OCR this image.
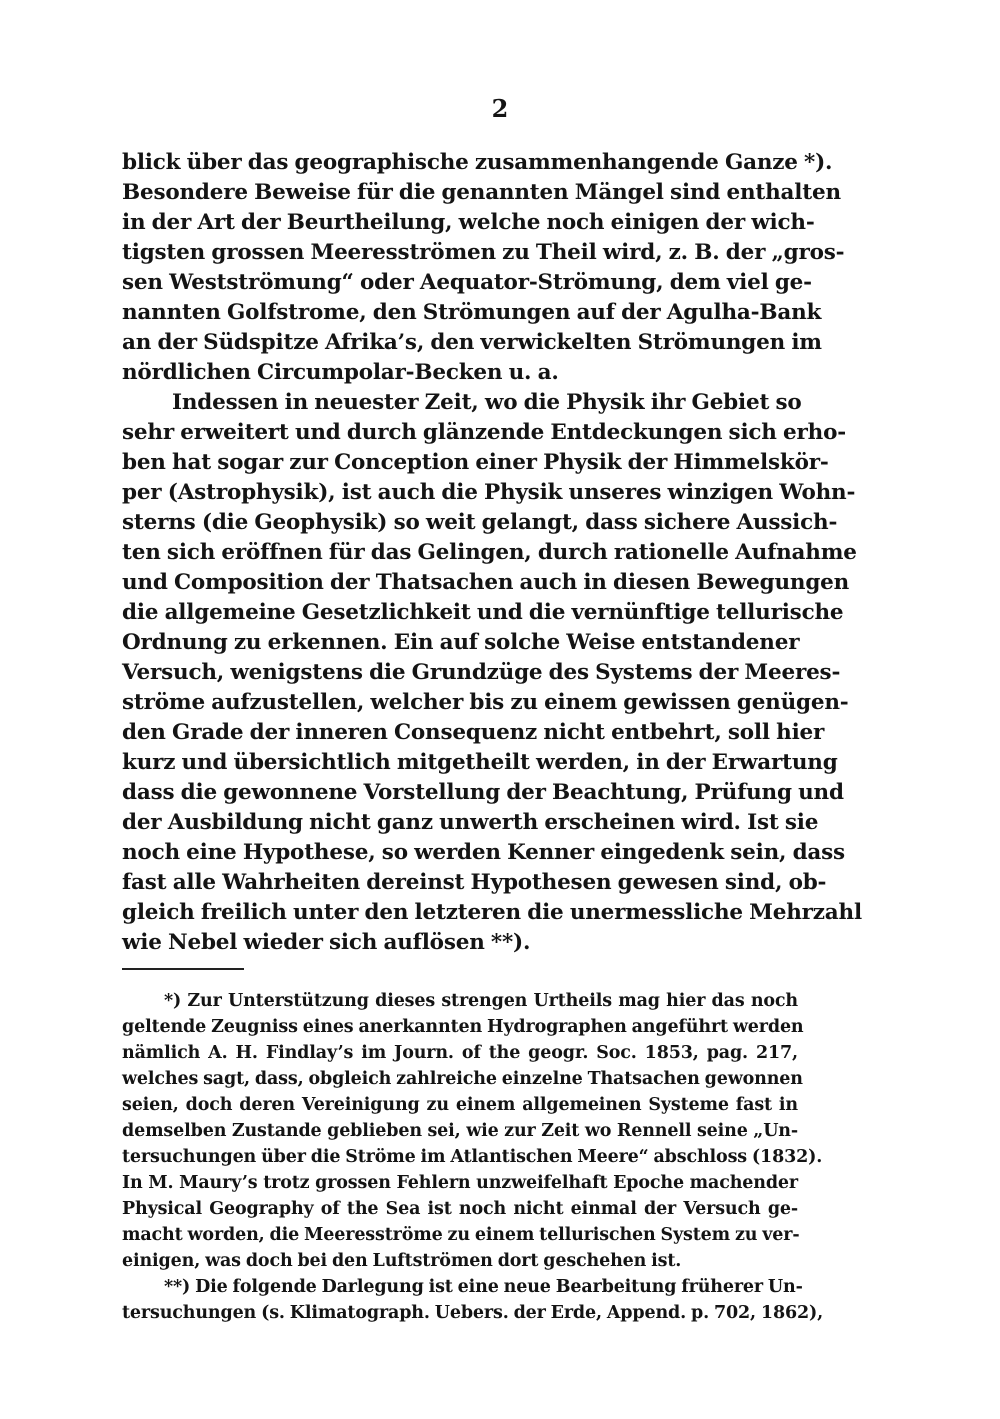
2
blick über das geographische zusammenhangende Ganze *).
Besondere Beweise für die genannten Mängel sind enthalten
in der Art der Beurtheilung, welche noch einigen der wich-
tigsten grossen Meeresströmen zu Theil wird, z. B. der „gros-
sen Westströmung“ oder Aequator-Strömung, dem viel ge-
nannten Golfstrome, den Strömungen auf der Agulha-Bank
an der Südspitze Afrika’s, den verwickelten Strömungen im
nördlichen Circumpolar-Becken u. a.
Indessen in neuester Zeit, wo die Physik ihr Gebiet so
sehr erweitert und durch glänzende Entdeckungen sich erho-
ben hat sogar zur Conception einer Physik der Himmelskör-
per (Astrophysik), ist auch die Physik unseres winzigen Wohn-
sterns (die Geophysik) so weit gelangt, dass sichere Aussich-
ten sich eröffnen für das Gelingen, durch rationelle Aufnahme
und Composition der Thatsachen auch in diesen Bewegungen
die allgemeine Gesetzlichkeit und die vernünftige tellurische
Ordnung zu erkennen. Ein auf solche Weise entstandener
Versuch, wenigstens die Grundzüge des Systems der Meeres-
ströme aufzustellen, welcher bis zu einem gewissen genügen-
den Grade der inneren Consequenz nicht entbehrt, soll hier
kurz und übersichtlich mitgetheilt werden, in der Erwartung
dass die gewonnene Vorstellung der Beachtung, Prüfung und
der Ausbildung nicht ganz unwerth erscheinen wird. Ist sie
noch eine Hypothese, so werden Kenner eingedenk sein, dass
fast alle Wahrheiten dereinst Hypothesen gewesen sind, ob-
gleich freilich unter den letzteren die unermessliche Mehrzahl
wie Nebel wieder sich auflösen **).
*) Zur Unterstützung dieses strengen Urtheils mag hier das noch
geltende Zeugniss eines anerkannten Hydrographen angeführt werden
nämlich A. H. Findlay’s im Journ. of the geogr. Soc. 1853, pag. 217,
welches sagt, dass, obgleich zahlreiche einzelne Thatsachen gewonnen
seien, doch deren Vereinigung zu einem allgemeinen Systeme fast in
demselben Zustande geblieben sei, wie zur Zeit wo Rennell seine „Un-
tersuchungen über die Ströme im Atlantischen Meere“ abschloss (1832).
In M. Maury’s trotz grossen Fehlern unzweifelhaft Epoche machender
Physical Geography of the Sea ist noch nicht einmal der Versuch ge-
macht worden, die Meeresströme zu einem tellurischen System zu ver-
einigen, was doch bei den Luftströmen dort geschehen ist.
**) Die folgende Darlegung ist eine neue Bearbeitung früherer Un-
tersuchungen (s. Klimatograph. Uebers. der Erde, Append. p. 702, 1862),
